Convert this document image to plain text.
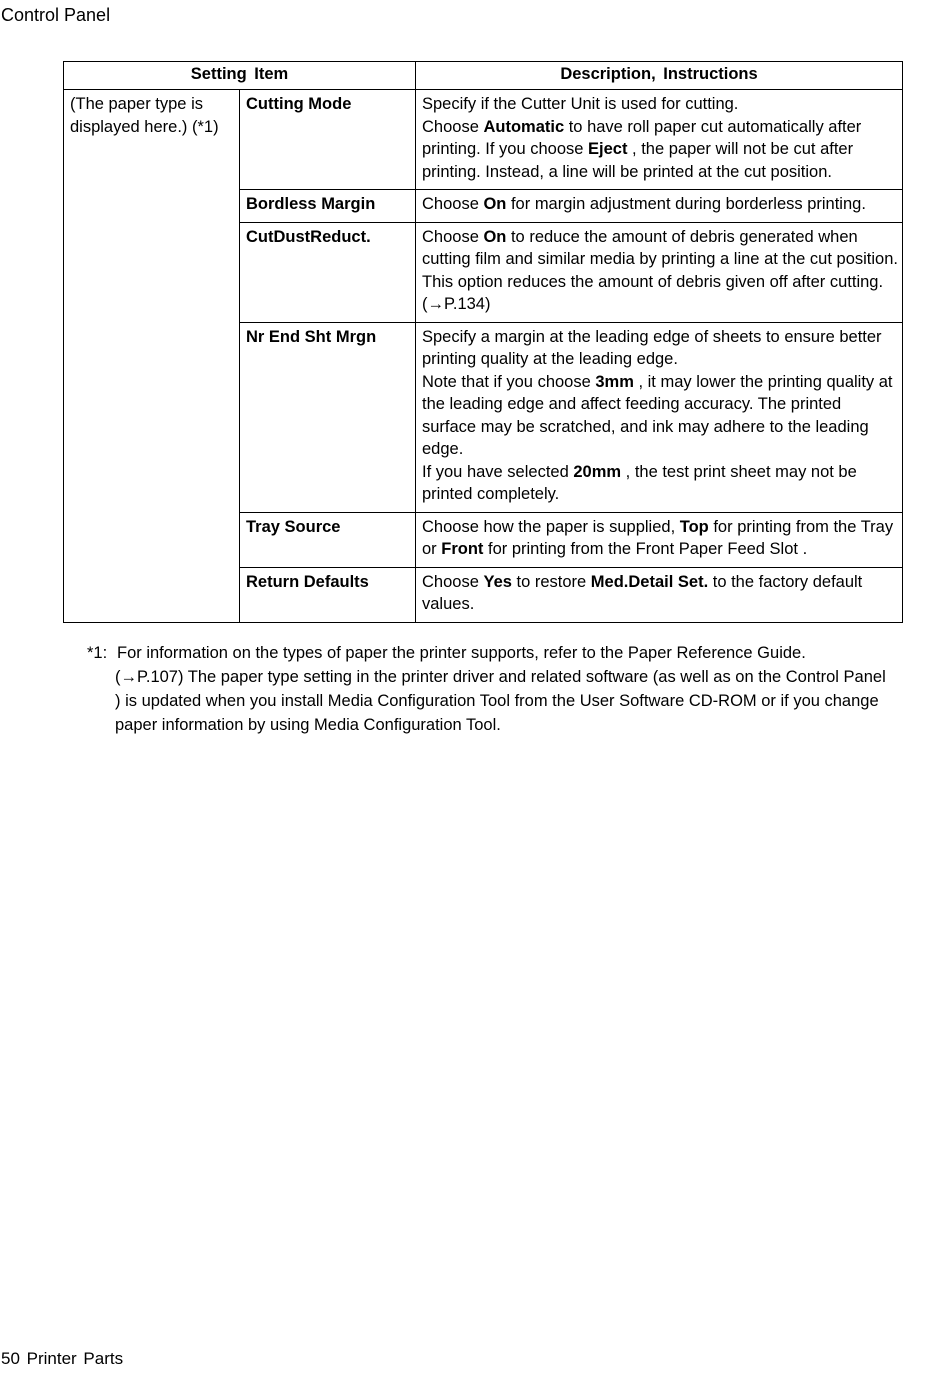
Control Panel
Setting Item		Description, Instructions
(The paper type is displayed here.) (*1)	Cutting Mode	Specify if the Cutter Unit is used for cutting.

Choose Automatic to have roll paper cut automatically after printing. If you choose Eject , the paper will not be cut after printing. Instead, a line will be printed at the cut position.

	Bordless Margin	Choose On for margin adjustment during borderless printing.

	CutDustReduct.	Choose On to reduce the amount of debris generated when cutting film and similar media by printing a line at the cut position. This option reduces the amount of debris given off after cutting. (→P.134)

	Nr End Sht Mrgn	Specify a margin at the leading edge of sheets to ensure better printing quality at the leading edge.

Note that if you choose 3mm , it may lower the printing quality at the leading edge and affect feeding accuracy. The printed surface may be scratched, and ink may adhere to the leading edge.

If you have selected 20mm , the test print sheet may not be printed completely.

	Tray Source	Choose how the paper is supplied, Top for printing from the Tray or Front for printing from the Front Paper Feed Slot .

	Return Defaults	Choose Yes to restore Med.Detail Set. to the factory default values.

*1: For information on the types of paper the printer supports, refer to the Paper Reference Guide.
(→P.107) The paper type setting in the printer driver and related software (as well as on the Control Panel ) is updated when you install Media Configuration Tool from the User Software CD-ROM or if you change paper information by using Media Configuration Tool.
50 Printer Parts
